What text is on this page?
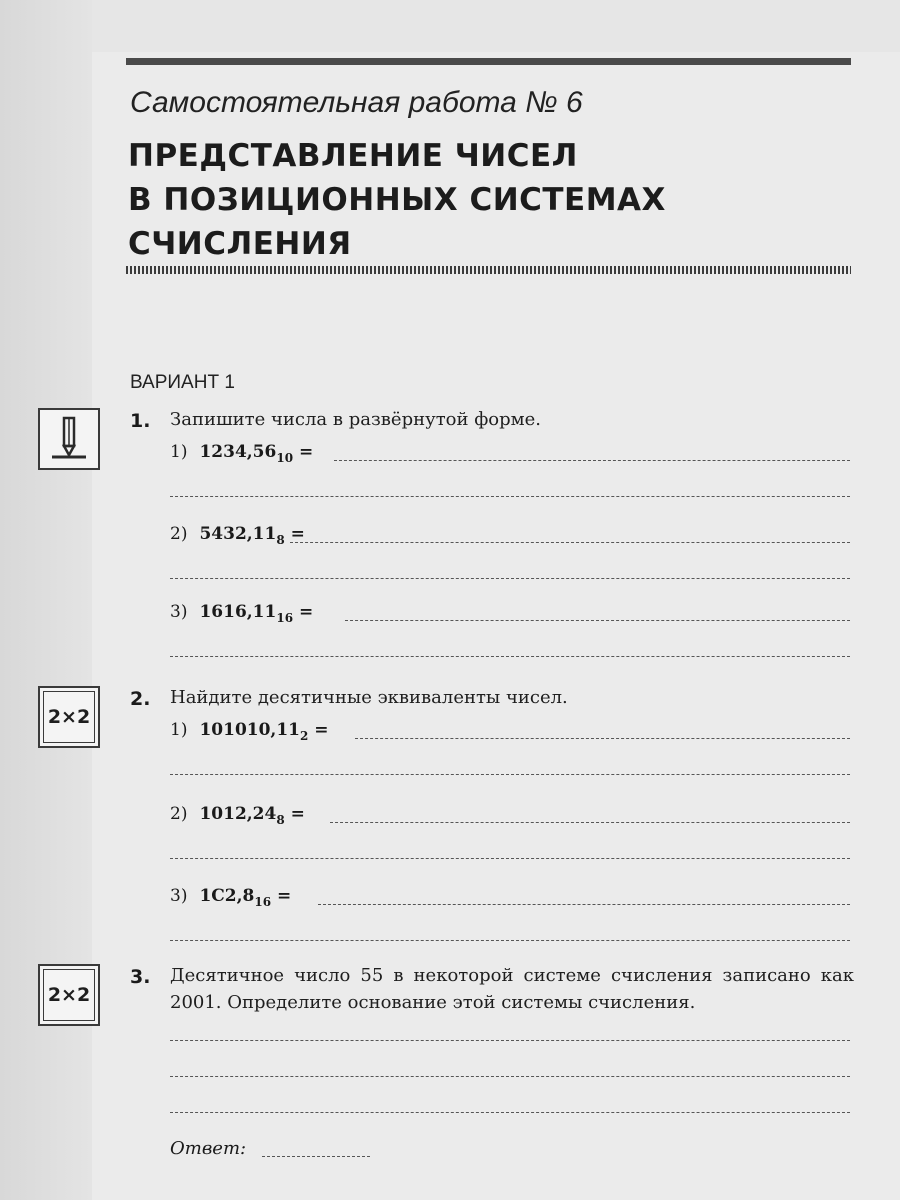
Самостоятельная работа № 6
ПРЕДСТАВЛЕНИЕ ЧИСЕЛ
В ПОЗИЦИОННЫХ СИСТЕМАХ
СЧИСЛЕНИЯ
ВАРИАНТ 1
1. Запишите числа в развёрнутой форме.
1) $1234,56_{10}$ =
2) $5432,11_8$ =
3) $1616,11_{16}$ =
2×2
2. Найдите десятичные эквиваленты чисел.
1) $101010,11_2$ =
2) $1012,24_8$ =
3) $1C2,8_{16}$ =
2×2
3. Десятичное число 55 в некоторой системе счисления записано как 2001. Определите основание этой системы счисления.
Ответ:
